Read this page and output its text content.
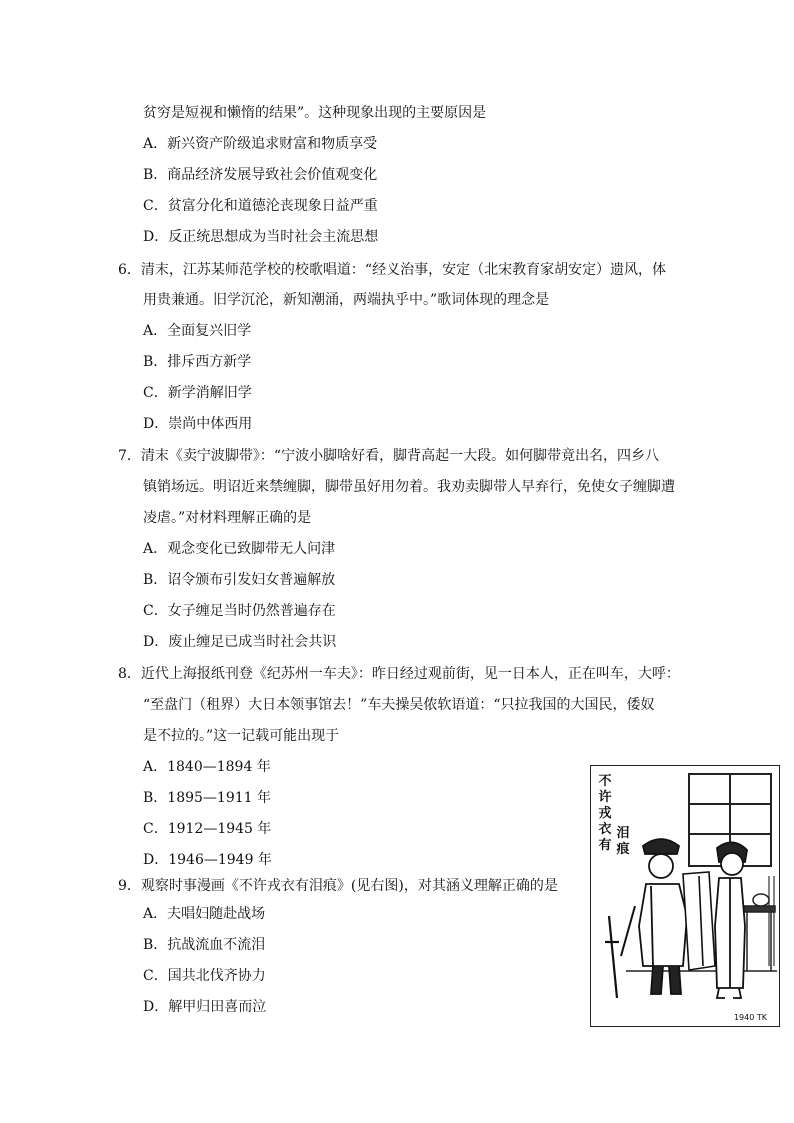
贫穷是短视和懒惰的结果”。这种现象出现的主要原因是
A．新兴资产阶级追求财富和物质享受
B．商品经济发展导致社会价值观变化
C．贫富分化和道德沦丧现象日益严重
D．反正统思想成为当时社会主流思想
6．清末，江苏某师范学校的校歌唱道：“经义治事，安定（北宋教育家胡安定）遗风，体
用贵兼通。旧学沉沦，新知潮涌，两端执乎中。”歌词体现的理念是
A．全面复兴旧学
B．排斥西方新学
C．新学消解旧学
D．崇尚中体西用
7．清末《卖宁波脚带》：“宁波小脚啥好看，脚背高起一大段。如何脚带竟出名，四乡八
镇销场远。明诏近来禁缠脚，脚带虽好用勿着。我劝卖脚带人早弃行，免使女子缠脚遭
凌虐。”对材料理解正确的是
A．观念变化已致脚带无人问津
B．诏令颁布引发妇女普遍解放
C．女子缠足当时仍然普遍存在
D．废止缠足已成当时社会共识
8．近代上海报纸刊登《纪苏州一车夫》：昨日经过观前街，见一日本人，正在叫车，大呼：
“至盘门（租界）大日本领事馆去！”车夫操吴侬软语道：“只拉我国的大国民，倭奴
是不拉的。”这一记载可能出现于
A．1840—1894 年
B．1895—1911 年
C．1912—1945 年
D．1946—1949 年
9．观察时事漫画《不许戎衣有泪痕》(见右图)，对其涵义理解正确的是
A．夫唱妇随赴战场
B．抗战流血不流泪
C．国共北伐齐协力
D．解甲归田喜而泣
不
许
戎
衣
有
泪
痕
1940 TK
